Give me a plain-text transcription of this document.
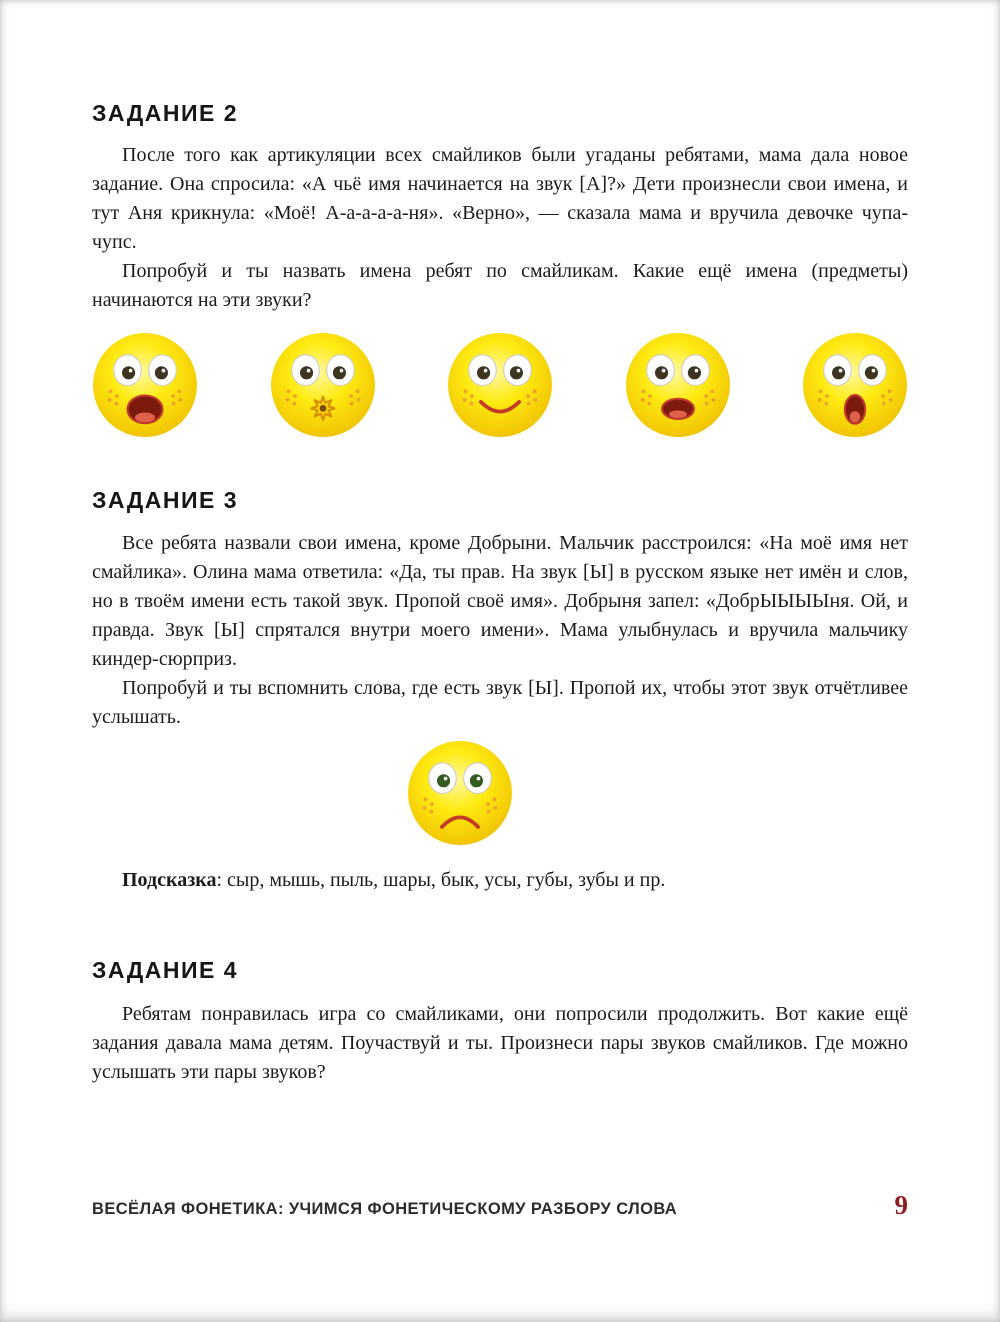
ЗАДАНИЕ 2

После того как артикуляции всех смайликов были угаданы ребятами, мама дала новое задание. Она спросила: «А чьё имя начинается на звук [А]?» Дети произнесли свои имена, и тут Аня крикнула: «Моё! А-а-а-а-а-ня». «Верно», — сказала мама и вручила девочке чупа-чупс.

Попробуй и ты назвать имена ребят по смайликам. Какие ещё имена (предметы) начинаются на эти звуки?

ЗАДАНИЕ 3

Все ребята назвали свои имена, кроме Добрыни. Мальчик расстроился: «На моё имя нет смайлика». Олина мама ответила: «Да, ты прав. На звук [Ы] в русском языке нет имён и слов, но в твоём имени есть такой звук. Пропой своё имя». Добрыня запел: «ДобрЫЫЫЫня. Ой, и правда. Звук [Ы] спрятался внутри моего имени». Мама улыбнулась и вручила мальчику киндер-сюрприз.

Попробуй и ты вспомнить слова, где есть звук [Ы]. Пропой их, чтобы этот звук отчётливее услышать.

Подсказка: сыр, мышь, пыль, шары, бык, усы, губы, зубы и пр.

ЗАДАНИЕ 4

Ребятам понравилась игра со смайликами, они попросили продолжить. Вот какие ещё задания давала мама детям. Поучаствуй и ты. Произнеси пары звуков смайликов. Где можно услышать эти пары звуков?

ВЕСЁЛАЯ ФОНЕТИКА: УЧИМСЯ ФОНЕТИЧЕСКОМУ РАЗБОРУ СЛОВА	9
